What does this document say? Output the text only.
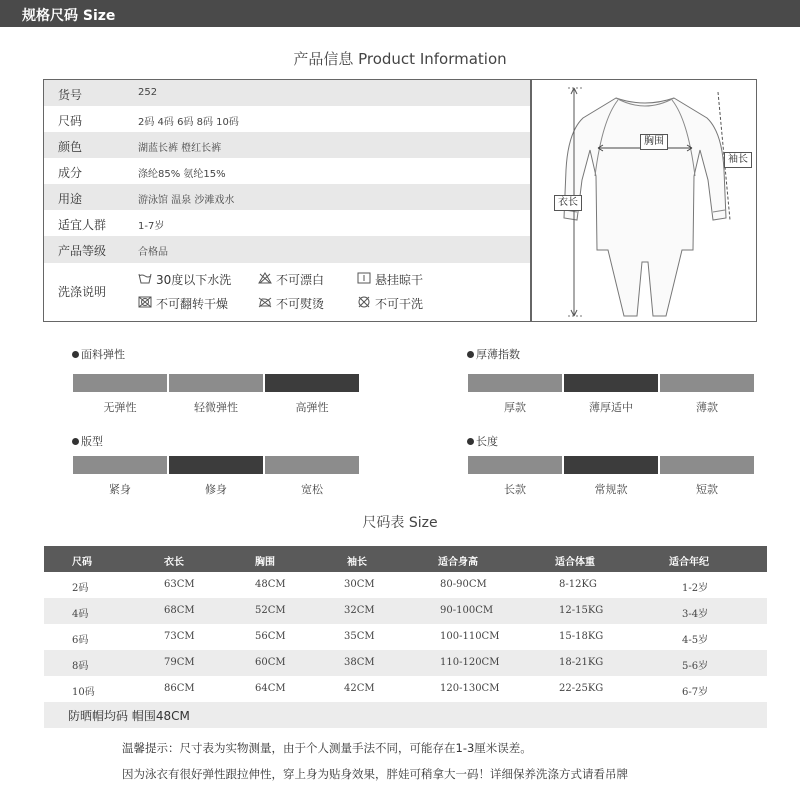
规格尺码 Size
产品信息 Product Information
货号	252
尺码	2码 4码 6码 8码 10码
颜色	湖蓝长裤 橙红长裤
成分	涤纶85% 氨纶15%
用途	游泳馆 温泉 沙滩戏水
适宜人群	1-7岁
产品等级	合格品
洗涤说明
30度以下水洗	不可漂白	悬挂晾干
不可翻转干燥	不可熨烫	不可干洗
胸围
袖长
衣长
面料弹性
无弹性	轻微弹性	高弹性
厚薄指数
厚款	薄厚适中	薄款
版型
紧身	修身	宽松
长度
长款	常规款	短款
尺码表 Size
尺码	衣长	胸围	袖长	适合身高	适合体重	适合年纪
2码	63CM	48CM	30CM	80-90CM	8-12KG	1-2岁
4码	68CM	52CM	32CM	90-100CM	12-15KG	3-4岁
6码	73CM	56CM	35CM	100-110CM	15-18KG	4-5岁
8码	79CM	60CM	38CM	110-120CM	18-21KG	5-6岁
10码	86CM	64CM	42CM	120-130CM	22-25KG	6-7岁
防晒帽均码 帽围48CM
温馨提示：尺寸表为实物测量，由于个人测量手法不同，可能存在1-3厘米误差。
因为泳衣有很好弹性跟拉伸性，穿上身为贴身效果，胖娃可稍拿大一码！详细保养洗涤方式请看吊牌
